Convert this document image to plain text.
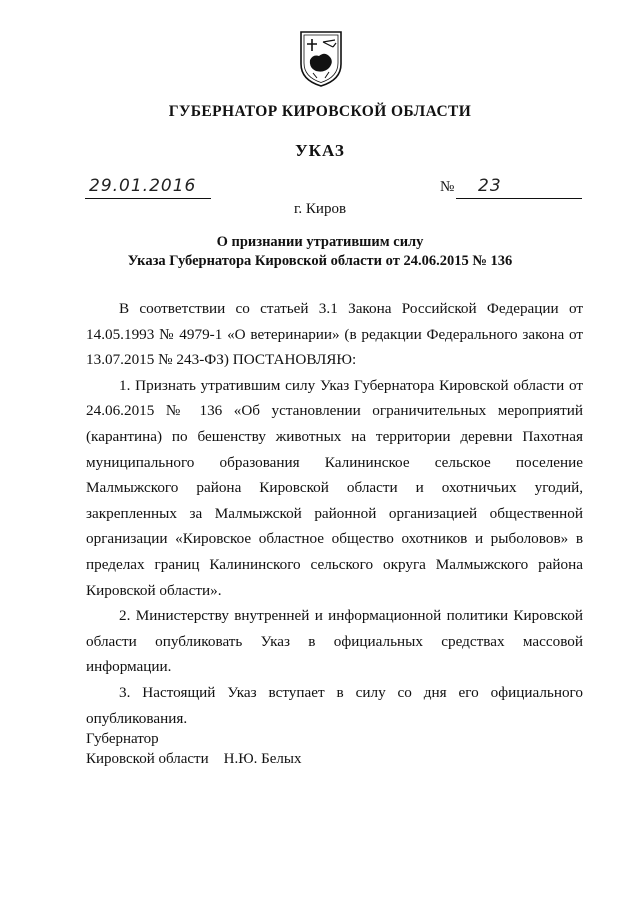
ГУБЕРНАТОР КИРОВСКОЙ ОБЛАСТИ
УКАЗ
29.01.2016	№ 23
г. Киров
О признании утратившим силу
Указа Губернатора Кировской области от 24.06.2015 № 136

В соответствии со статьей 3.1 Закона Российской Федерации от 14.05.1993 № 4979-1 «О ветеринарии» (в редакции Федерального закона от 13.07.2015 № 243-ФЗ) ПОСТАНОВЛЯЮ:

1. Признать утратившим силу Указ Губернатора Кировской области от 24.06.2015 № 136 «Об установлении ограничительных мероприятий (карантина) по бешенству животных на территории деревни Пахотная муниципального образования Калининское сельское поселение Малмыжского района Кировской области и охотничьих угодий, закрепленных за Малмыжской районной организацией общественной организации «Кировское областное общество охотников и рыболовов» в пределах границ Калининского сельского округа Малмыжского района Кировской области».

2. Министерству внутренней и информационной политики Кировской области опубликовать Указ в официальных средствах массовой информации.

3. Настоящий Указ вступает в силу со дня его официального опубликования.

Губернатор
Кировской области Н.Ю. Белых
